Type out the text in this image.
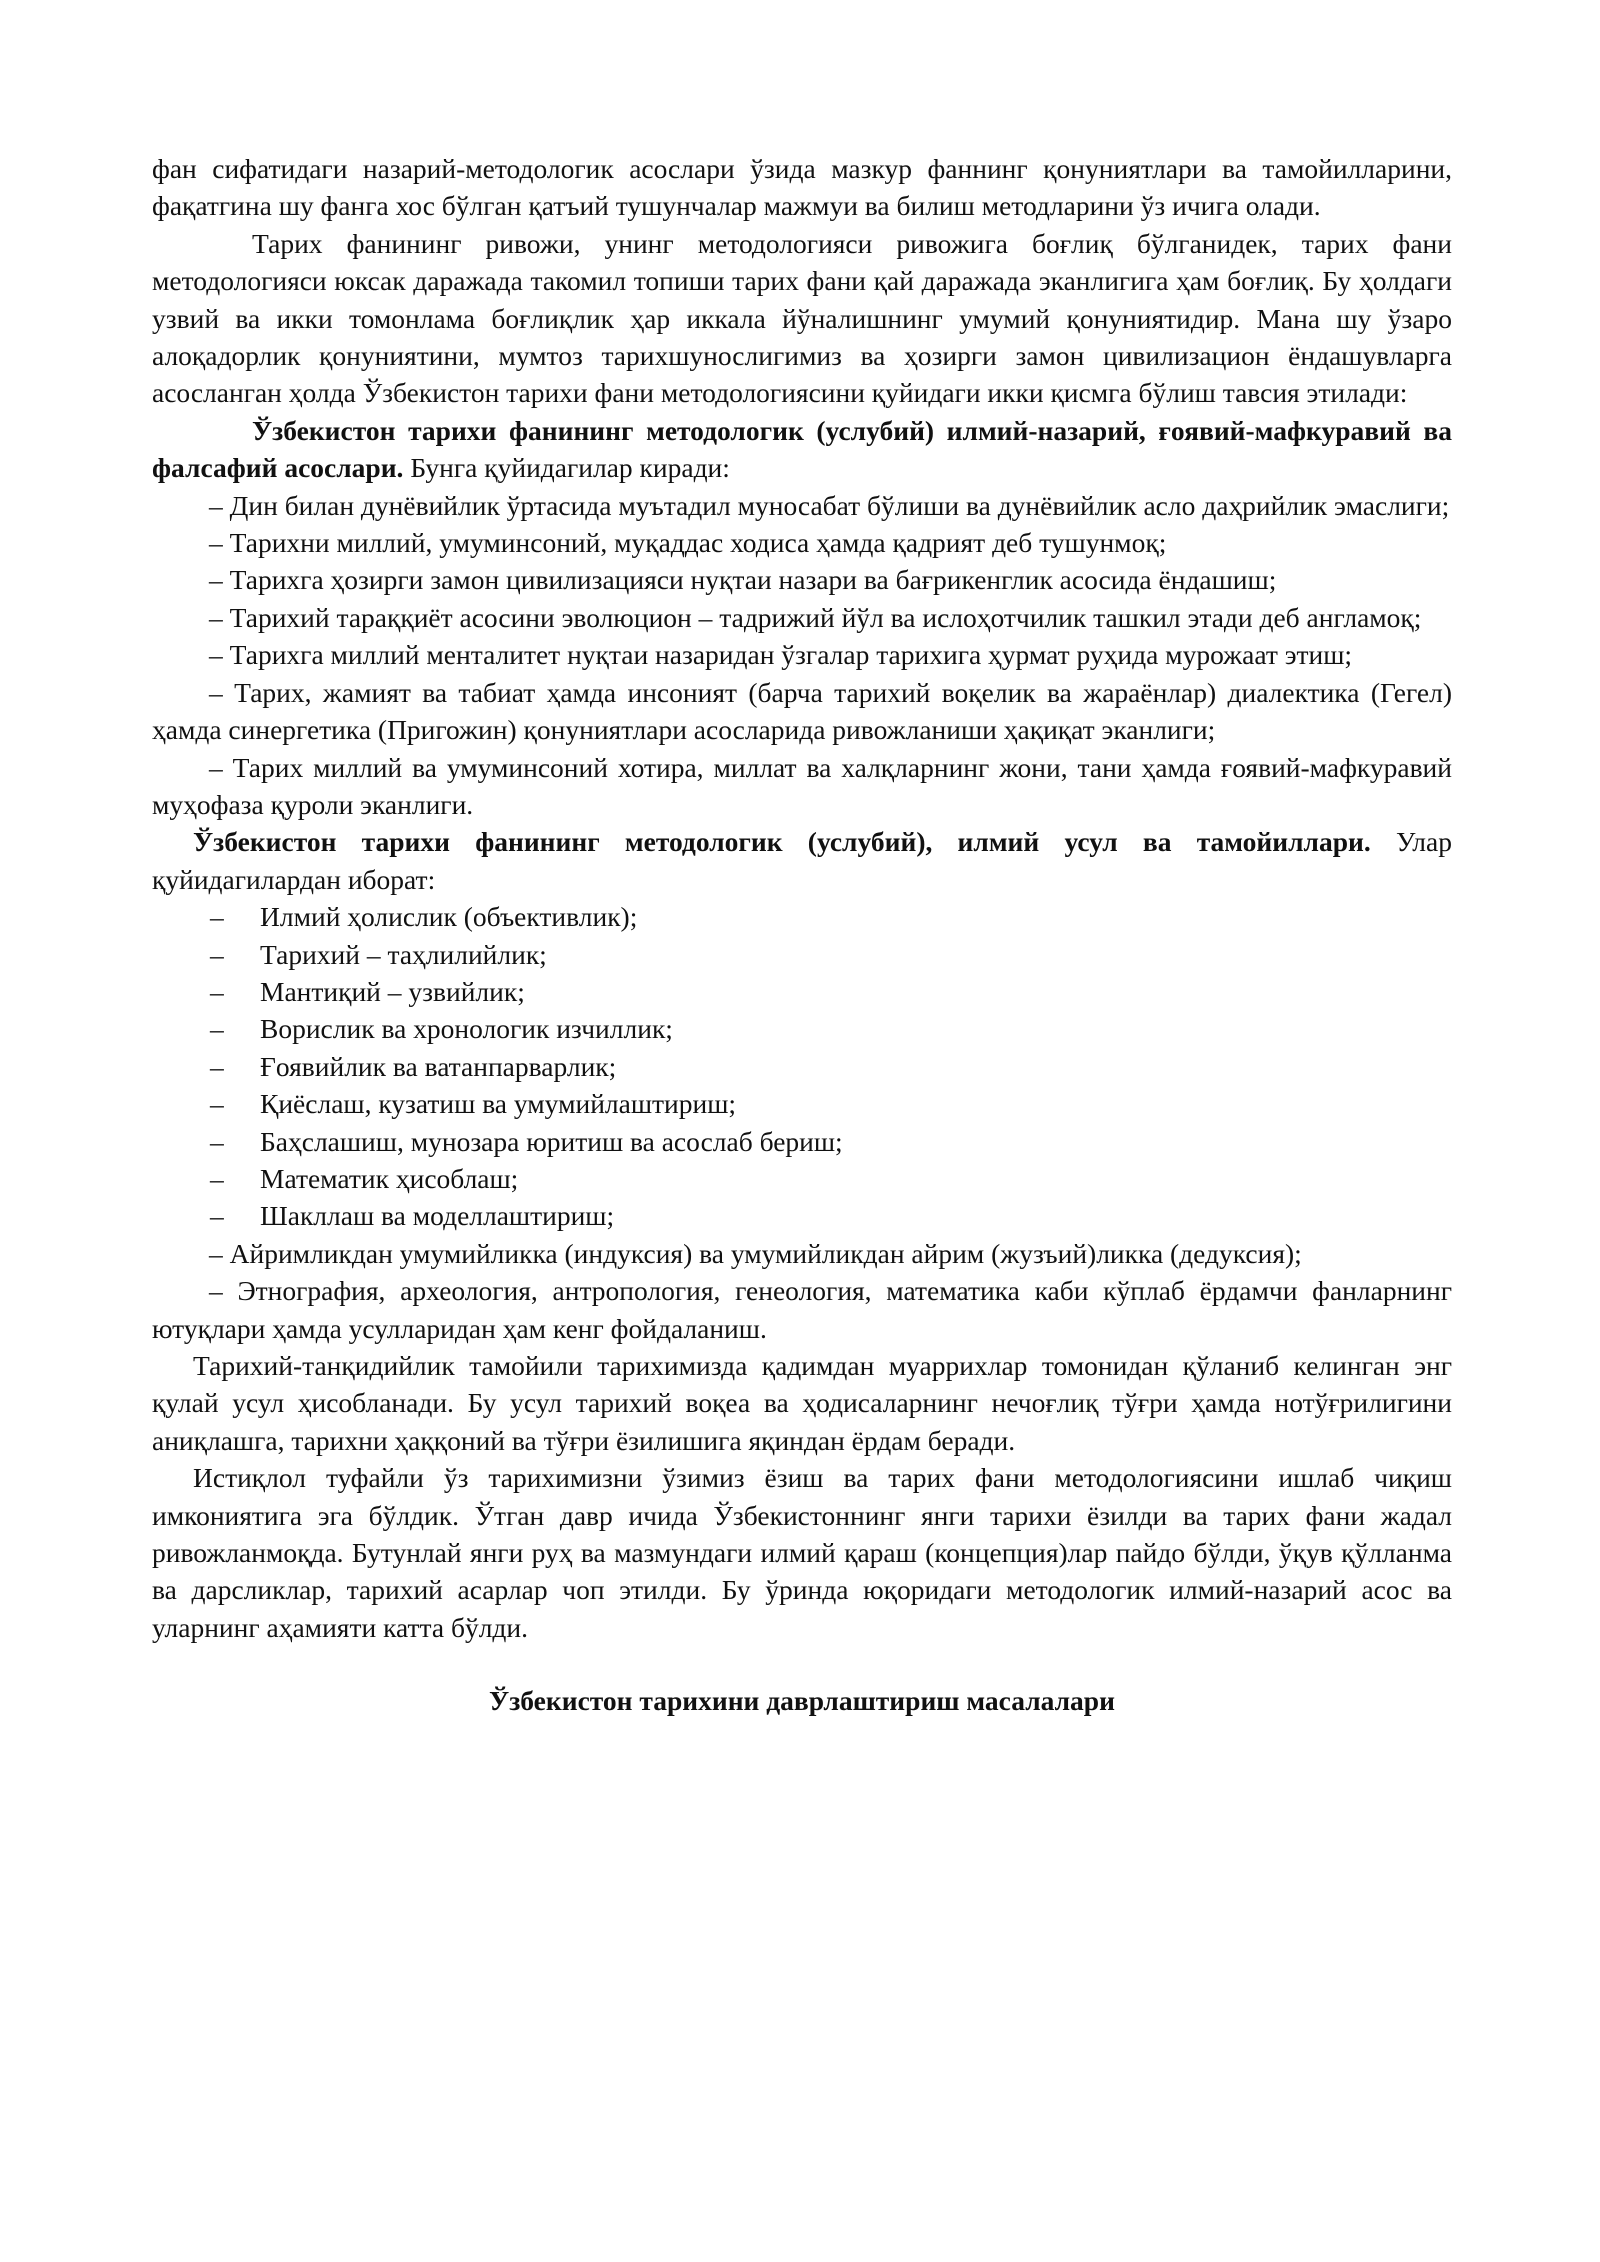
фан сифатидаги назарий-методологик асослари ўзида мазкур фаннинг қонуниятлари ва тамойилларини, фақатгина шу фанга хос бўлган қатъий тушунчалар мажмуи ва билиш методларини ўз ичига олади.

Тарих фанининг ривожи, унинг методологияси ривожига боғлиқ бўлганидек, тарих фани методологияси юксак даражада такомил топиши тарих фани қай даражада эканлигига ҳам боғлиқ. Бу ҳолдаги узвий ва икки томонлама боғлиқлик ҳар иккала йўналишнинг умумий қонуниятидир. Мана шу ўзаро алоқадорлик қонуниятини, мумтоз тарихшунослигимиз ва ҳозирги замон цивилизацион ёндашувларга асосланган ҳолда Ўзбекистон тарихи фани методологиясини қуйидаги икки қисмга бўлиш тавсия этилади:

Ўзбекистон тарихи фанининг методологик (услубий) илмий-назарий, ғоявий-мафкуравий ва фалсафий асослари. Бунга қуйидагилар киради:

– Дин билан дунёвийлик ўртасида муътадил муносабат бўлиши ва дунёвийлик асло даҳрийлик эмаслиги;

– Тарихни миллий, умуминсоний, муқаддас ходиса ҳамда қадрият деб тушунмоқ;

– Тарихга ҳозирги замон цивилизацияси нуқтаи назари ва бағрикенглик асосида ёндашиш;

– Тарихий тараққиёт асосини эволюцион – тадрижий йўл ва ислоҳотчилик ташкил этади деб англамоқ;

– Тарихга миллий менталитет нуқтаи назаридан ўзгалар тарихига ҳурмат руҳида мурожаат этиш;

– Тарих, жамият ва табиат ҳамда инсоният (барча тарихий воқелик ва жараёнлар) диалектика (Гегел) ҳамда синергетика (Пригожин) қонуниятлари асосларида ривожланиши ҳақиқат эканлиги;

– Тарих миллий ва умуминсоний хотира, миллат ва халқларнинг жони, тани ҳамда ғоявий-мафкуравий муҳофаза қуроли эканлиги.

Ўзбекистон тарихи фанининг методологик (услубий), илмий усул ва тамойиллари. Улар қуйидагилардан иборат:

–	Илмий ҳолислик (объективлик);
–	Тарихий – таҳлилийлик;
–	Мантиқий – узвийлик;
–	Ворислик ва хронологик изчиллик;
–	Ғоявийлик ва ватанпарварлик;
–	Қиёслаш, кузатиш ва умумийлаштириш;
–	Баҳслашиш, мунозара юритиш ва асослаб бериш;
–	Математик ҳисоблаш;
–	Шакллаш ва моделлаштириш;

– Айримликдан умумийликка (индуксия) ва умумийликдан айрим (жузъий)ликка (дедуксия);

– Этнография, археология, антропология, генеология, математика каби кўплаб ёрдамчи фанларнинг ютуқлари ҳамда усулларидан ҳам кенг фойдаланиш.

Тарихий-танқидийлик тамойили тарихимизда қадимдан муаррихлар томонидан қўланиб келинган энг қулай усул ҳисобланади. Бу усул тарихий воқеа ва ҳодисаларнинг нечоғлиқ тўғри ҳамда нотўғрилигини аниқлашга, тарихни ҳаққоний ва тўғри ёзилишига яқиндан ёрдам беради.

Истиқлол туфайли ўз тарихимизни ўзимиз ёзиш ва тарих фани методологиясини ишлаб чиқиш имкониятига эга бўлдик. Ўтган давр ичида Ўзбекистоннинг янги тарихи ёзилди ва тарих фани жадал ривожланмоқда. Бутунлай янги руҳ ва мазмундаги илмий қараш (концепция)лар пайдо бўлди, ўқув қўлланма ва дарсликлар, тарихий асарлар чоп этилди. Бу ўринда юқоридаги методологик илмий-назарий асос ва уларнинг аҳамияти катта бўлди.

Ўзбекистон тарихини даврлаштириш масалалари
